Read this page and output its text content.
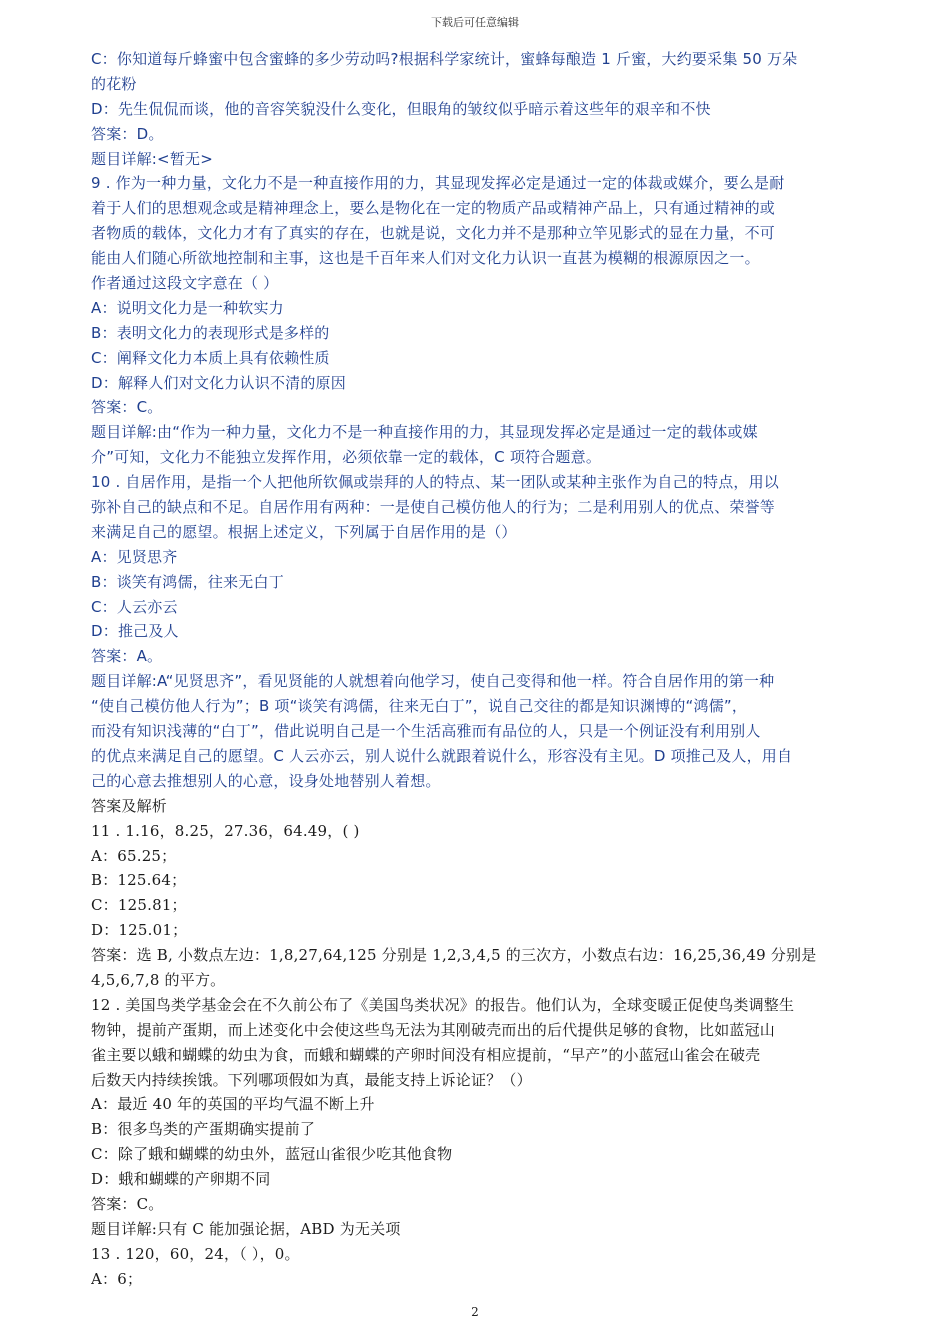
下载后可任意编辑
C：你知道每斤蜂蜜中包含蜜蜂的多少劳动吗?根据科学家统计，蜜蜂每酿造 1 斤蜜，大约要采集 50 万朵
的花粉
D：先生侃侃而谈，他的音容笑貌没什么变化，但眼角的皱纹似乎暗示着这些年的艰辛和不快
答案：D。
题目详解:<暂无>
9 . 作为一种力量，文化力不是一种直接作用的力，其显现发挥必定是通过一定的体裁或媒介，要么是耐
着于人们的思想观念或是精神理念上，要么是物化在一定的物质产品或精神产品上，只有通过精神的或
者物质的载体，文化力才有了真实的存在，也就是说，文化力并不是那种立竿见影式的显在力量，不可
能由人们随心所欲地控制和主事，这也是千百年来人们对文化力认识一直甚为模糊的根源原因之一。
作者通过这段文字意在（ ）
A：说明文化力是一种软实力
B：表明文化力的表现形式是多样的
C：阐释文化力本质上具有依赖性质
D：解释人们对文化力认识不清的原因
答案：C。
题目详解:由“作为一种力量，文化力不是一种直接作用的力，其显现发挥必定是通过一定的载体或媒
介”可知，文化力不能独立发挥作用，必须依靠一定的载体，C 项符合题意。
10 . 自居作用，是指一个人把他所钦佩或崇拜的人的特点、某一团队或某种主张作为自己的特点，用以
弥补自己的缺点和不足。自居作用有两种：一是使自己模仿他人的行为；二是利用别人的优点、荣誉等
来满足自己的愿望。根据上述定义，下列属于自居作用的是（）
A：见贤思齐
B：谈笑有鸿儒，往来无白丁
C：人云亦云
D：推己及人
答案：A。
题目详解:A“见贤思齐”，看见贤能的人就想着向他学习，使自己变得和他一样。符合自居作用的第一种
“使自己模仿他人行为”；B 项“谈笑有鸿儒，往来无白丁”，说自己交往的都是知识渊博的“鸿儒”，
而没有知识浅薄的“白丁”，借此说明自己是一个生活高雅而有品位的人，只是一个例证没有利用别人
的优点来满足自己的愿望。C 人云亦云，别人说什么就跟着说什么，形容没有主见。D 项推己及人，用自
己的心意去推想别人的心意，设身处地替别人着想。
答案及解析
11 . 1.16，8.25，27.36，64.49，( )
A：65.25；
B：125.64；
C：125.81；
D：125.01；
答案：选 B, 小数点左边：1,8,27,64,125 分别是 1,2,3,4,5 的三次方，小数点右边：16,25,36,49 分别是
4,5,6,7,8 的平方。
12 . 美国鸟类学基金会在不久前公布了《美国鸟类状况》的报告。他们认为，全球变暖正促使鸟类调整生
物钟，提前产蛋期，而上述变化中会使这些鸟无法为其刚破壳而出的后代提供足够的食物，比如蓝冠山
雀主要以蛾和蝴蝶的幼虫为食，而蛾和蝴蝶的产卵时间没有相应提前，“早产”的小蓝冠山雀会在破壳
后数天内持续挨饿。下列哪项假如为真，最能支持上诉论证？（）
A：最近 40 年的英国的平均气温不断上升
B：很多鸟类的产蛋期确实提前了
C：除了蛾和蝴蝶的幼虫外，蓝冠山雀很少吃其他食物
D：蛾和蝴蝶的产卵期不同
答案：C。
题目详解:只有 C 能加强论据，ABD 为无关项
13 . 120，60，24，（ ），0。
A：6；
2
